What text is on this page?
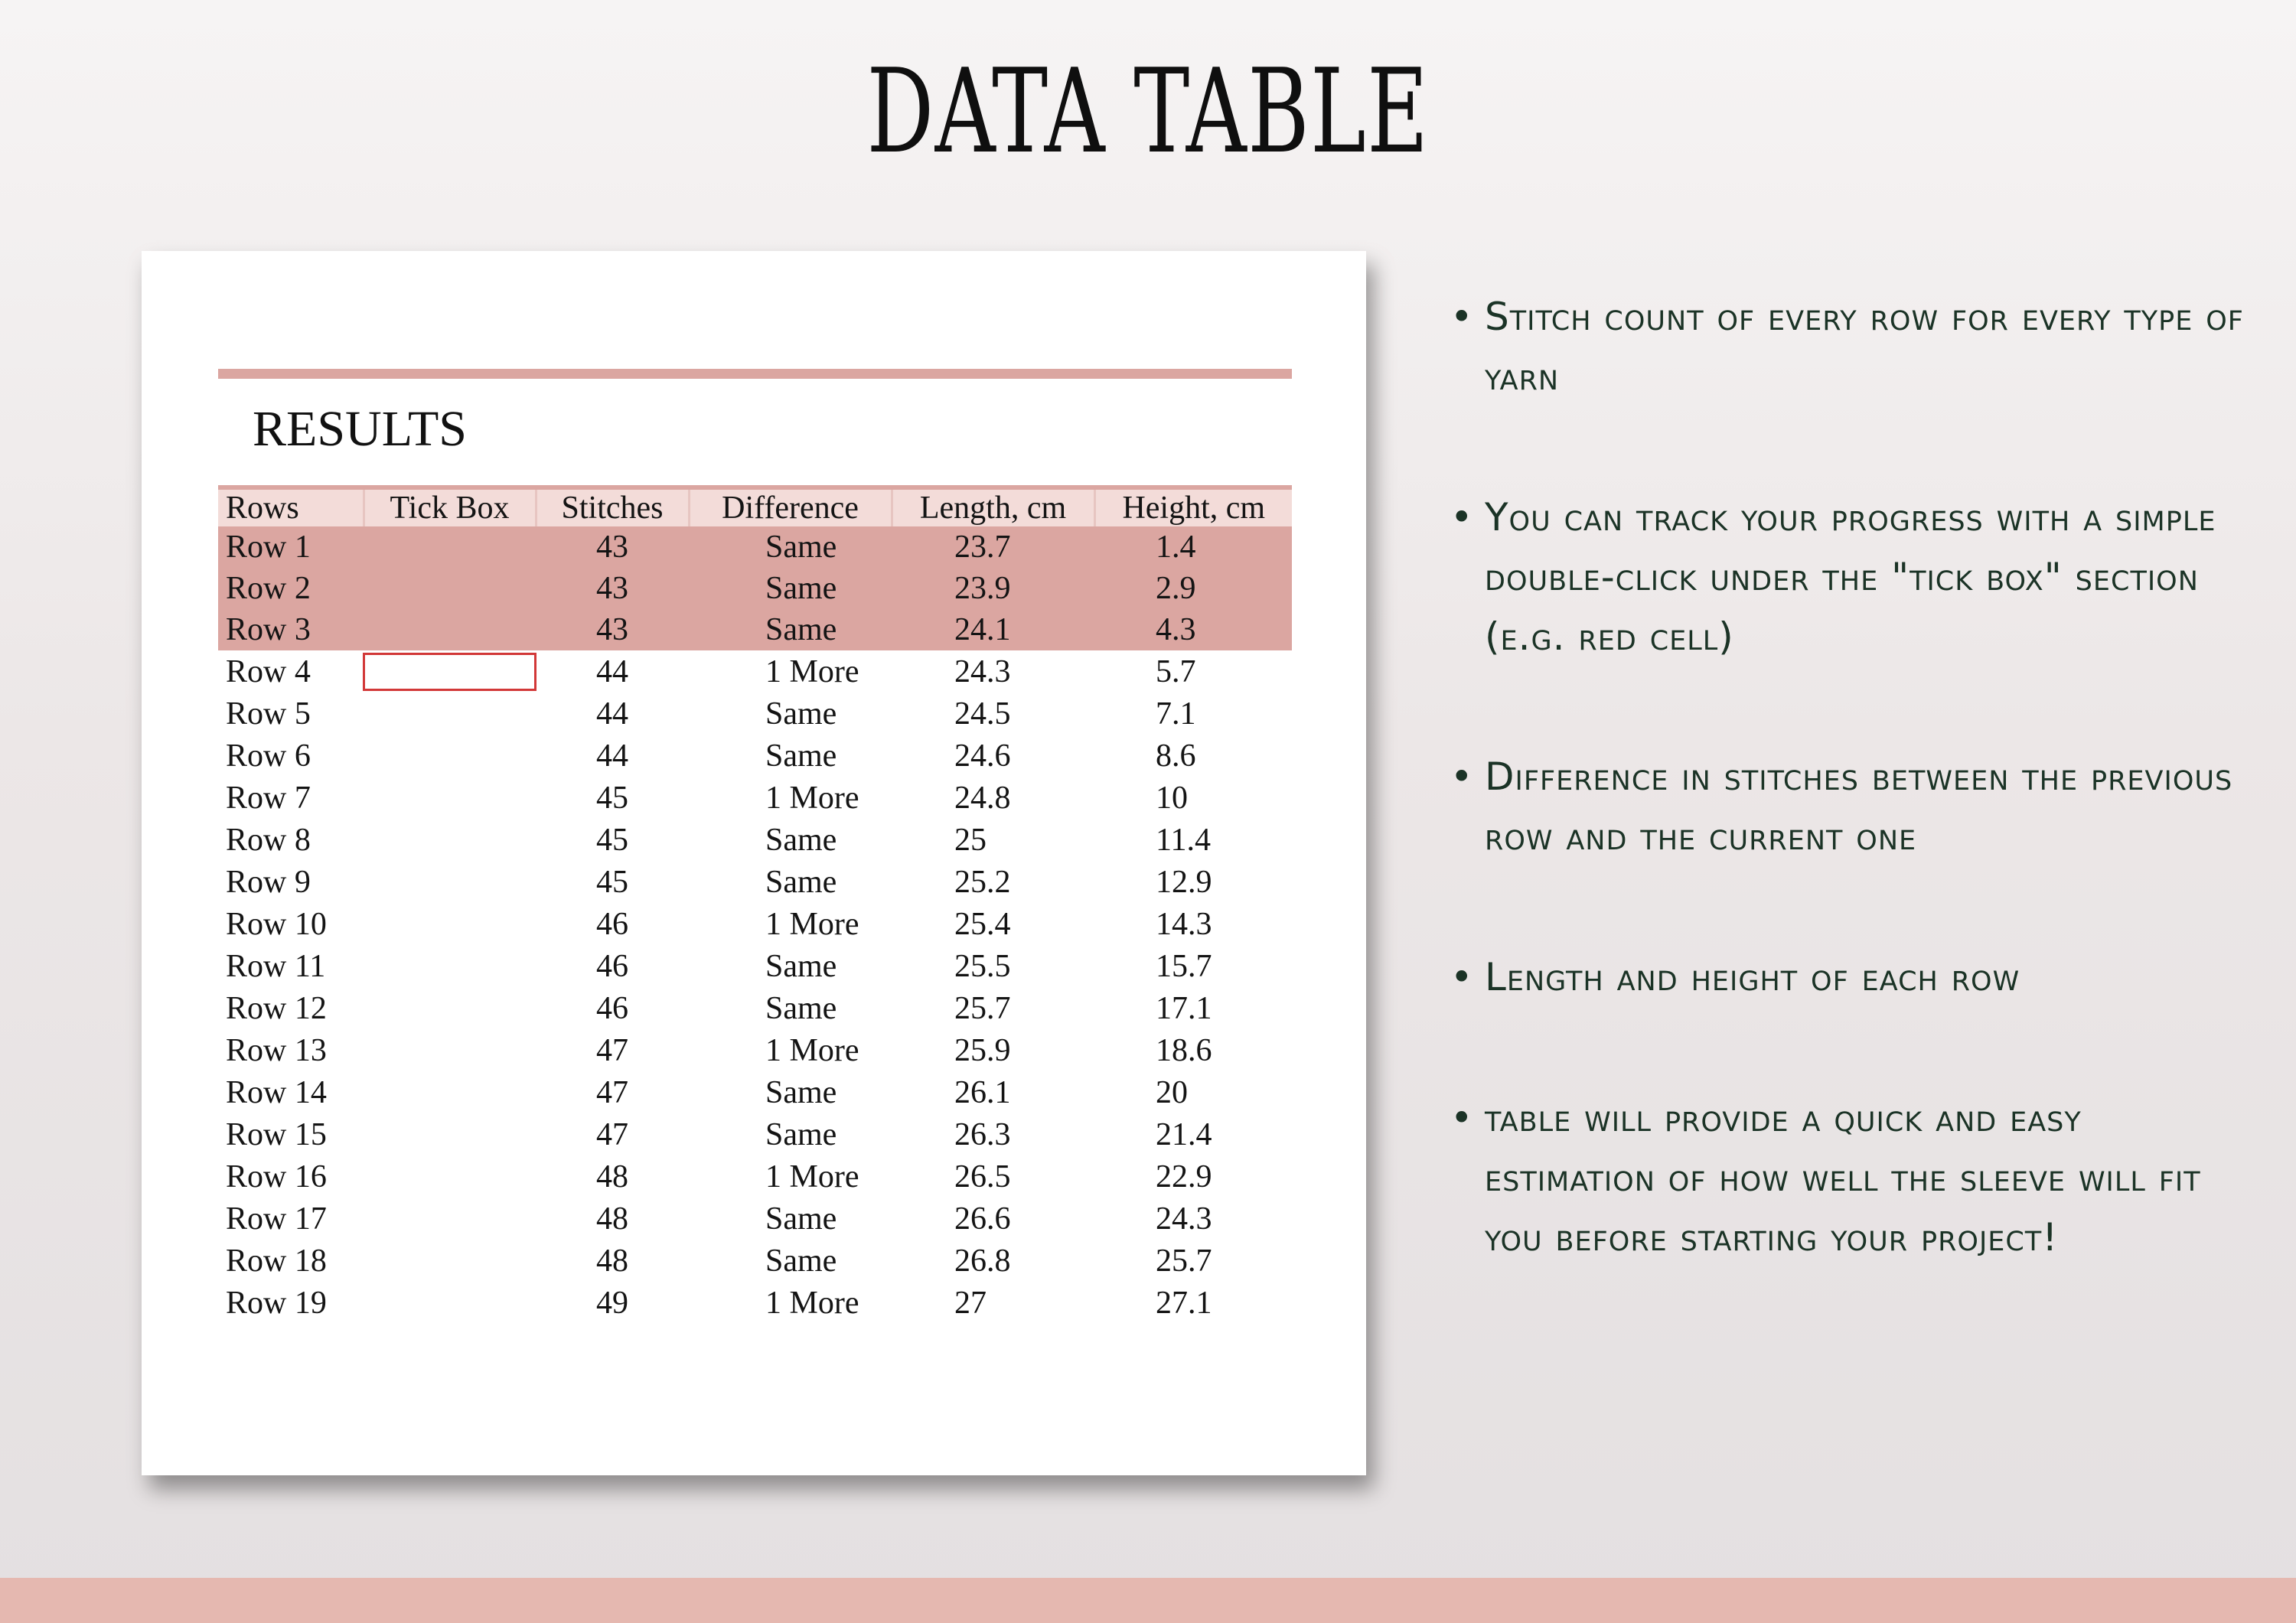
DATA TABLE
RESULTS
Rows	Tick Box	Stitches	Difference	Length, cm	Height, cm
Row 1		43	Same	23.7	1.4
Row 2		43	Same	23.9	2.9
Row 3		43	Same	24.1	4.3
Row 4		44	1 More	24.3	5.7
Row 5		44	Same	24.5	7.1
Row 6		44	Same	24.6	8.6
Row 7		45	1 More	24.8	10
Row 8		45	Same	25	11.4
Row 9		45	Same	25.2	12.9
Row 10		46	1 More	25.4	14.3
Row 11		46	Same	25.5	15.7
Row 12		46	Same	25.7	17.1
Row 13		47	1 More	25.9	18.6
Row 14		47	Same	26.1	20
Row 15		47	Same	26.3	21.4
Row 16		48	1 More	26.5	22.9
Row 17		48	Same	26.6	24.3
Row 18		48	Same	26.8	25.7
Row 19		49	1 More	27	27.1
• Stitch count of every row for every type of yarn
• You can track your progress with a simple double-click under the "tick box" section (e.g. red cell)
• Difference in stitches between the previous row and the current one
• Length and height of each row
• table will provide a quick and easy estimation of how well the sleeve will fit you before starting your project!
